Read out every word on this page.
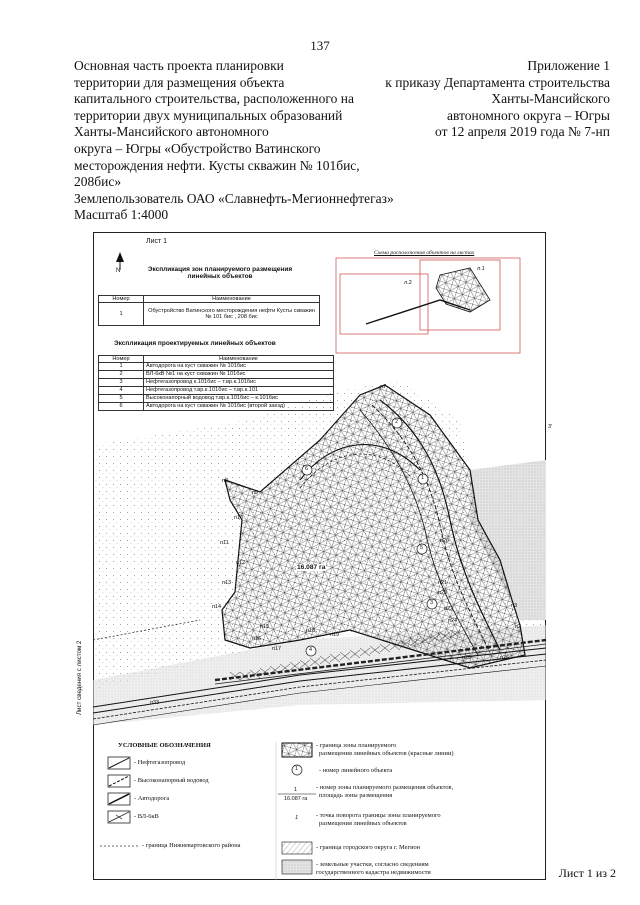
137
Основная часть проекта планировки
территории для размещения объекта
капитального строительства, расположенного на
территории двух муниципальных образований
Ханты-Мансийского автономного
округа – Югры «Обустройство Ватинского
месторождения нефти. Кусты скважин № 101бис,
208бис»
Землепользователь ОАО «Славнефть-Мегионнефтегаз»
Масштаб 1:4000
Приложение 1
к приказу Департамента строительства
Ханты-Мансийского
автономного округа – Югры
от 12 апреля 2019 года № 7-нп
Лист 1
N
Схема расположения объектов на листах
л.1
л.2
Экспликация зон планируемого размещения линейных объектов
Номер	Наименование
1	Обустройство Ватинского месторождения нефти Кусты скважин № 101 бис , 208 бис
Экспликация проектируемых линейных объектов
Номер	Наименование
1	Автодорога на куст скважин № 101бис
2	ВЛ-6кВ №1 на куст скважин № 101бис
3	Нефтегазопровод к.101бис – т.вр.к.101бис
4	Нефтегазопровод т.вр.к.101бис – т.вр.к.101
5	Высоконапорный водовод т.вр.к.101бис – к.101бис
6	Автодорога на куст скважин № 101бис (второй заезд)
1
2
3
4
5
6
16.087 га
п7
п8
п9
п10
п11
п12
п13
п14
п15
п16
п17
п18
п19
п20
п21
п22
п23
п24
п25	п26
п33
п3
п2
3'
Лист сведения с листом 2
УСЛОВНЫЕ ОБОЗНАЧЕНИЯ
- Нефтегазопровод
- Высоконапорный водовод
- Автодорога
- ВЛ-6кВ
- граница Нижневартовского района
- граница зоны планируемого
размещения линейных объектов (красные линии)
- номер линейного объекта
- номер зоны планируемого размещения объектов,
площадь зоны размещения
- точка поворота границы зоны планируемого
размещения линейных объектов
- граница городского округа г. Мегион
- земельные участки, согласно сведениям
государственного кадастра недвижимости
1
1
16.087 га
1
Лист 1 из 2
